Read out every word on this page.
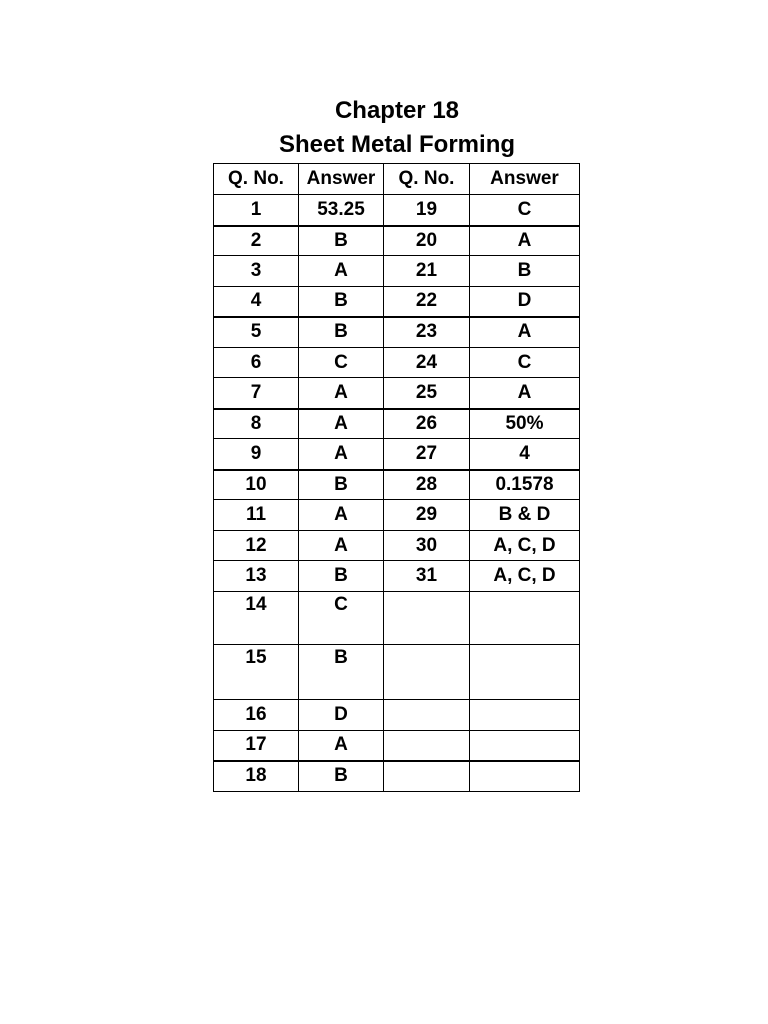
Chapter 18
Sheet Metal Forming
Q. No.	Answer	Q. No.	Answer
1	53.25	19	C
2	B	20	A
3	A	21	B
4	B	22	D
5	B	23	A
6	C	24	C
7	A	25	A
8	A	26	50%
9	A	27	4
10	B	28	0.1578
11	A	29	B & D
12	A	30	A, C, D
13	B	31	A, C, D
14	C		
15	B		
16	D		
17	A		
18	B		
